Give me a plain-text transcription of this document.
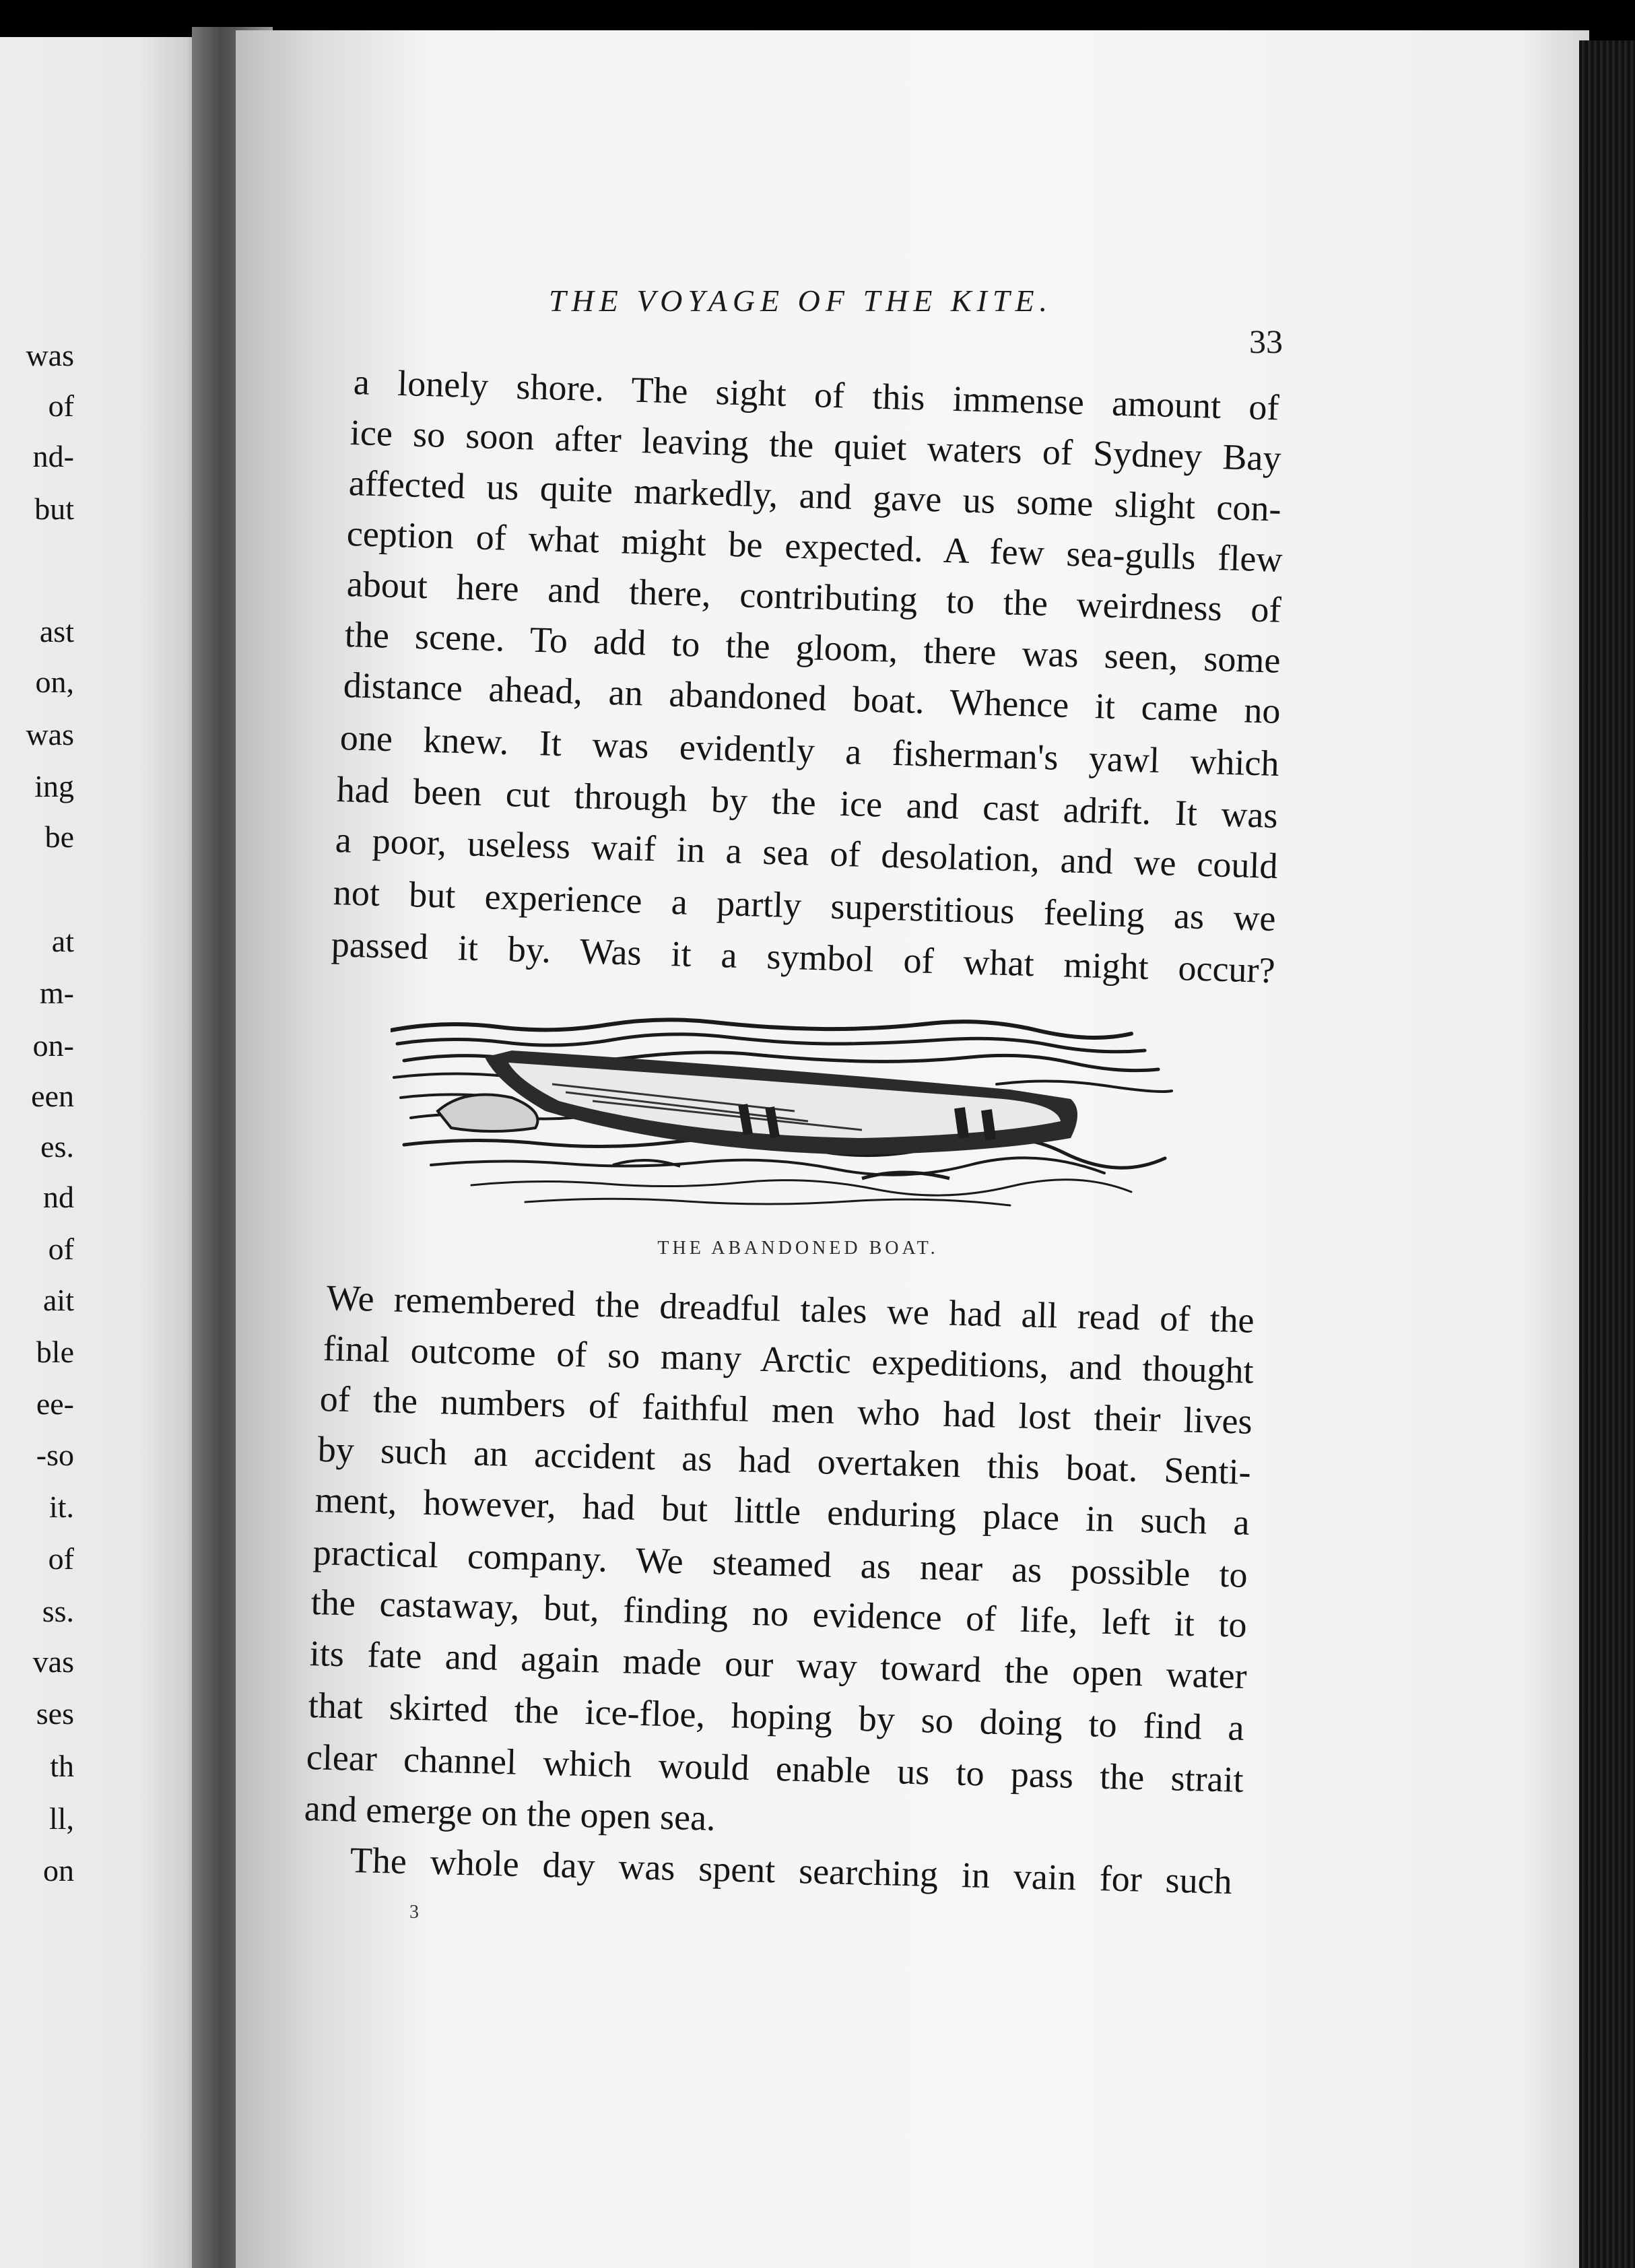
was
of
nd-
but
ast
on,
was
ing
be
at
m-
on-
een
es.
nd
of
ait
ble
ee-
-so
it.
of
ss.
vas
ses
th
ll,
on
THE VOYAGE OF THE KITE.
33
a lonely shore. The sight of this immense amount of
ice so soon after leaving the quiet waters of Sydney Bay
affected us quite markedly, and gave us some slight con-
ception of what might be expected. A few sea-gulls flew
about here and there, contributing to the weirdness of
the scene. To add to the gloom, there was seen, some
distance ahead, an abandoned boat. Whence it came no
one knew. It was evidently a fisherman's yawl which
had been cut through by the ice and cast adrift. It was
a poor, useless waif in a sea of desolation, and we could
not but experience a partly superstitious feeling as we
passed it by. Was it a symbol of what might occur?
We remembered the dreadful tales we had all read of the
final outcome of so many Arctic expeditions, and thought
of the numbers of faithful men who had lost their lives
by such an accident as had overtaken this boat. Senti-
ment, however, had but little enduring place in such a
practical company. We steamed as near as possible to
the castaway, but, finding no evidence of life, left it to
its fate and again made our way toward the open water
that skirted the ice-floe, hoping by so doing to find a
clear channel which would enable us to pass the strait
and emerge on the open sea.
The whole day was spent searching in vain for such
THE ABANDONED BOAT.
3
